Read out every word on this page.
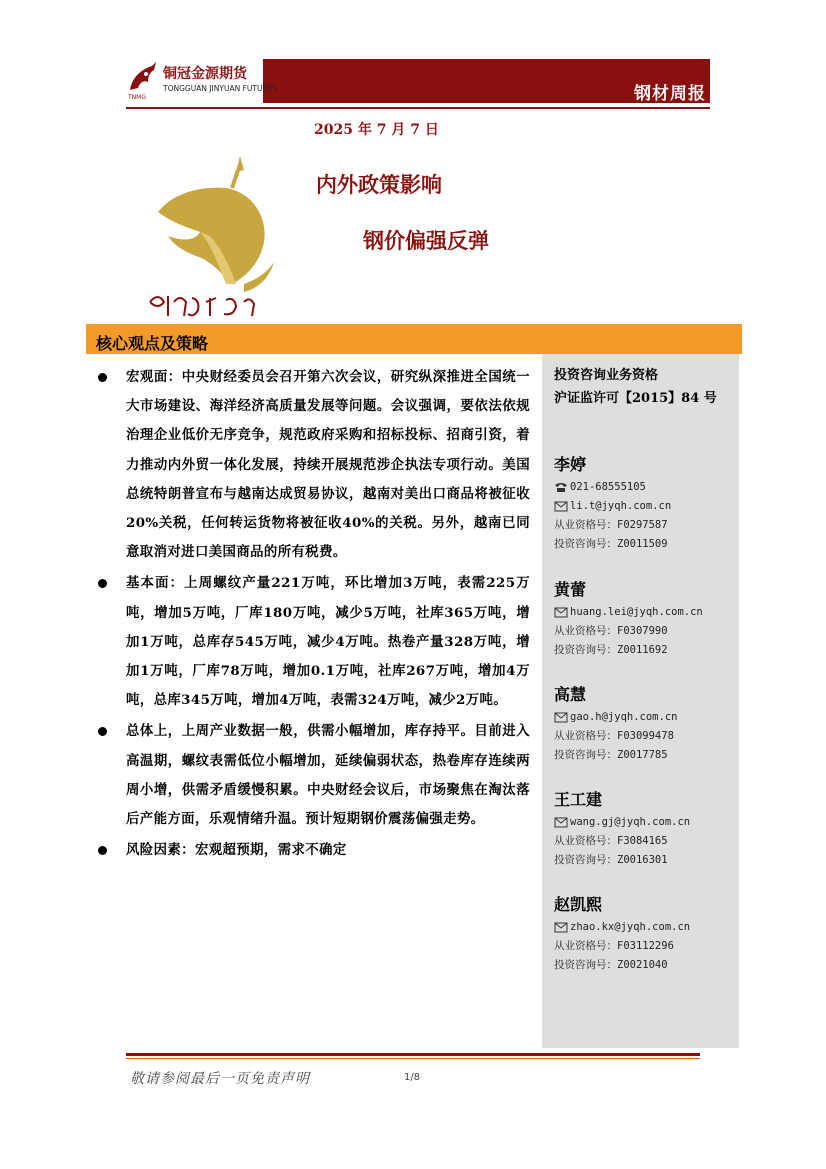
钢材周报
铜冠金源期货
TONGGUAN JINYUAN FUTURES
TNMG
2025 年 7 月 7 日
内外政策影响
钢价偏强反弹
核心观点及策略
投资咨询业务资格
沪证监许可【2015】84 号
李婷
021-68555105
li.t@jyqh.com.cn
从业资格号：F0297587
投资咨询号：Z0011509
黄蕾
huang.lei@jyqh.com.cn
从业资格号：F0307990
投资咨询号：Z0011692
高慧
gao.h@jyqh.com.cn
从业资格号：F03099478
投资咨询号：Z0017785
王工建
wang.gj@jyqh.com.cn
从业资格号：F3084165
投资咨询号：Z0016301
赵凯熙
zhao.kx@jyqh.com.cn
从业资格号：F03112296
投资咨询号：Z0021040
宏观面：中央财经委员会召开第六次会议，研究纵深推进全国统一大市场建设、海洋经济高质量发展等问题。会议强调，要依法依规治理企业低价无序竞争，规范政府采购和招标投标、招商引资，着力推动内外贸一体化发展，持续开展规范涉企执法专项行动。美国总统特朗普宣布与越南达成贸易协议，越南对美出口商品将被征收20%关税，任何转运货物将被征收40%的关税。另外，越南已同意取消对进口美国商品的所有税费。
基本面：上周螺纹产量221万吨，环比增加3万吨，表需225万吨，增加5万吨，厂库180万吨，减少5万吨，社库365万吨，增加1万吨，总库存545万吨，减少4万吨。热卷产量328万吨，增加1万吨，厂库78万吨，增加0.1万吨，社库267万吨，增加4万吨，总库345万吨，增加4万吨，表需324万吨，减少2万吨。
总体上，上周产业数据一般，供需小幅增加，库存持平。目前进入高温期，螺纹表需低位小幅增加，延续偏弱状态，热卷库存连续两周小增，供需矛盾缓慢积累。中央财经会议后，市场聚焦在淘汰落后产能方面，乐观情绪升温。预计短期钢价震荡偏强走势。
风险因素：宏观超预期，需求不确定
敬请参阅最后一页免责声明	1/8
